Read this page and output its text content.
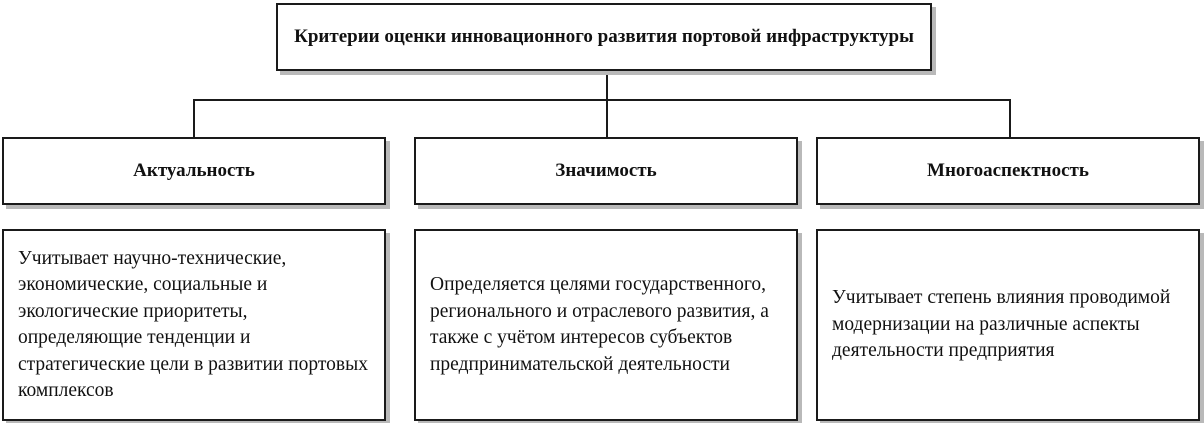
Критерии оценки инновационного развития портовой инфраструктуры
Актуальность	Значимость	Многоаспектность
Учитывает научно-технические, экономические, социальные и экологические приоритеты, определяющие тенденции и стратегические цели в развитии портовых комплексов
Определяется целями государственного, регионального и отраслевого развития, а также с учётом интересов субъектов предпринимательской деятельности
Учитывает степень влияния проводимой модернизации на различные аспекты деятельности предприятия
